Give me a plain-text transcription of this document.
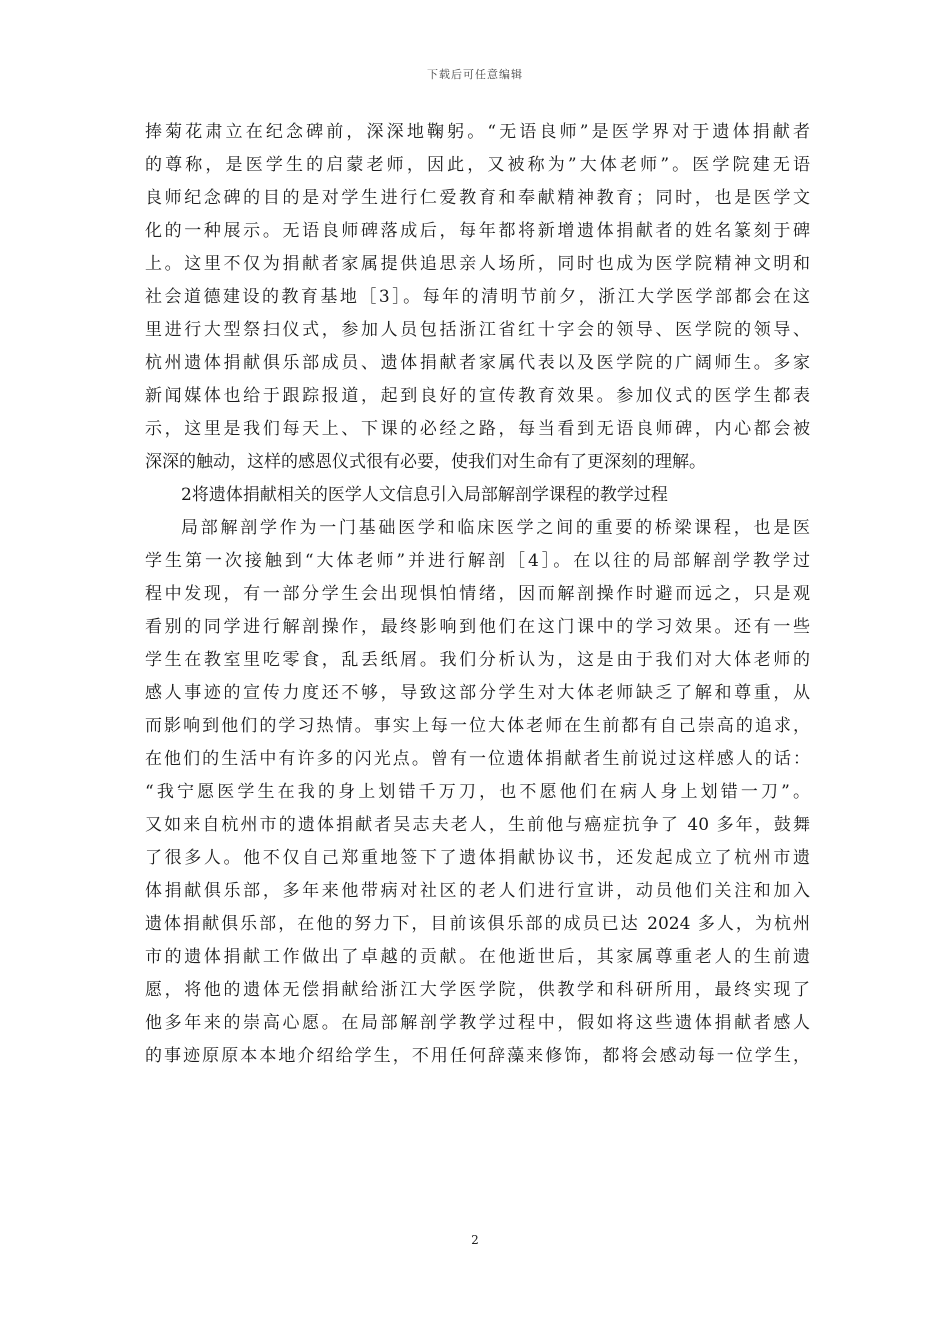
下载后可任意编辑
捧菊花肃立在纪念碑前，深深地鞠躬。“无语良师”是医学界对于遗体捐献者
的尊称，是医学生的启蒙老师，因此，又被称为”大体老师”。医学院建无语
良师纪念碑的目的是对学生进行仁爱教育和奉献精神教育；同时，也是医学文
化的一种展示。无语良师碑落成后，每年都将新增遗体捐献者的姓名篆刻于碑
上。这里不仅为捐献者家属提供追思亲人场所，同时也成为医学院精神文明和
社会道德建设的教育基地［3］。每年的清明节前夕，浙江大学医学部都会在这
里进行大型祭扫仪式，参加人员包括浙江省红十字会的领导、医学院的领导、
杭州遗体捐献俱乐部成员、遗体捐献者家属代表以及医学院的广阔师生。多家
新闻媒体也给于跟踪报道，起到良好的宣传教育效果。参加仪式的医学生都表
示，这里是我们每天上、下课的必经之路，每当看到无语良师碑，内心都会被
深深的触动，这样的感恩仪式很有必要，使我们对生命有了更深刻的理解。
2将遗体捐献相关的医学人文信息引入局部解剖学课程的教学过程
局部解剖学作为一门基础医学和临床医学之间的重要的桥梁课程，也是医
学生第一次接触到“大体老师”并进行解剖［4］。在以往的局部解剖学教学过
程中发现，有一部分学生会出现惧怕情绪，因而解剖操作时避而远之，只是观
看别的同学进行解剖操作，最终影响到他们在这门课中的学习效果。还有一些
学生在教室里吃零食，乱丢纸屑。我们分析认为，这是由于我们对大体老师的
感人事迹的宣传力度还不够，导致这部分学生对大体老师缺乏了解和尊重，从
而影响到他们的学习热情。事实上每一位大体老师在生前都有自己崇高的追求，
在他们的生活中有许多的闪光点。曾有一位遗体捐献者生前说过这样感人的话：
“我宁愿医学生在我的身上划错千万刀，也不愿他们在病人身上划错一刀”。
又如来自杭州市的遗体捐献者吴志夫老人，生前他与癌症抗争了 40 多年，鼓舞
了很多人。他不仅自己郑重地签下了遗体捐献协议书，还发起成立了杭州市遗
体捐献俱乐部，多年来他带病对社区的老人们进行宣讲，动员他们关注和加入
遗体捐献俱乐部，在他的努力下，目前该俱乐部的成员已达 2024 多人，为杭州
市的遗体捐献工作做出了卓越的贡献。在他逝世后，其家属尊重老人的生前遗
愿，将他的遗体无偿捐献给浙江大学医学院，供教学和科研所用，最终实现了
他多年来的崇高心愿。在局部解剖学教学过程中，假如将这些遗体捐献者感人
的事迹原原本本地介绍给学生，不用任何辞藻来修饰，都将会感动每一位学生，
2
